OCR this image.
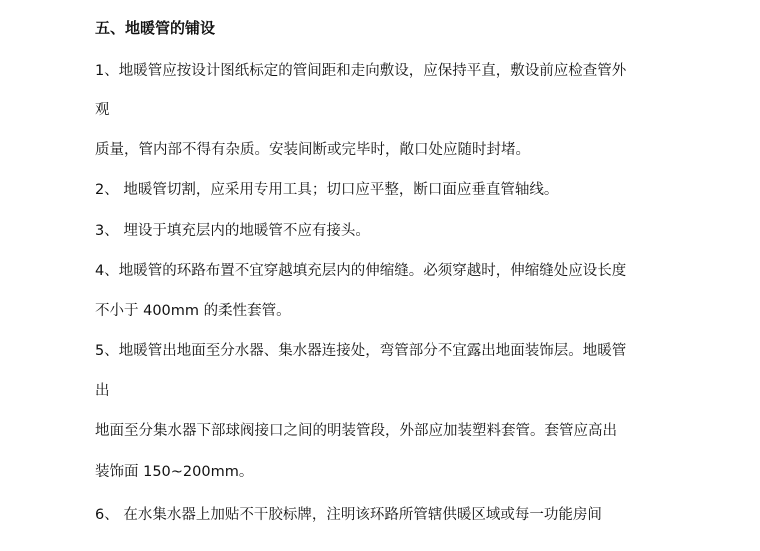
五、地暖管的铺设
1、地暖管应按设计图纸标定的管间距和走向敷设，应保持平直，敷设前应检查管外
观
质量，管内部不得有杂质。安装间断或完毕时，敞口处应随时封堵。
2、 地暖管切割，应采用专用工具；切口应平整，断口面应垂直管轴线。
3、 埋设于填充层内的地暖管不应有接头。
4、地暖管的环路布置不宜穿越填充层内的伸缩缝。必须穿越时，伸缩缝处应设长度
不小于 400mm 的柔性套管。
5、地暖管出地面至分水器、集水器连接处，弯管部分不宜露出地面装饰层。地暖管
出
地面至分集水器下部球阀接口之间的明装管段，外部应加装塑料套管。套管应高出
装饰面 150~200mm。
6、 在水集水器上加贴不干胶标牌，注明该环路所管辖供暖区域或每一功能房间
